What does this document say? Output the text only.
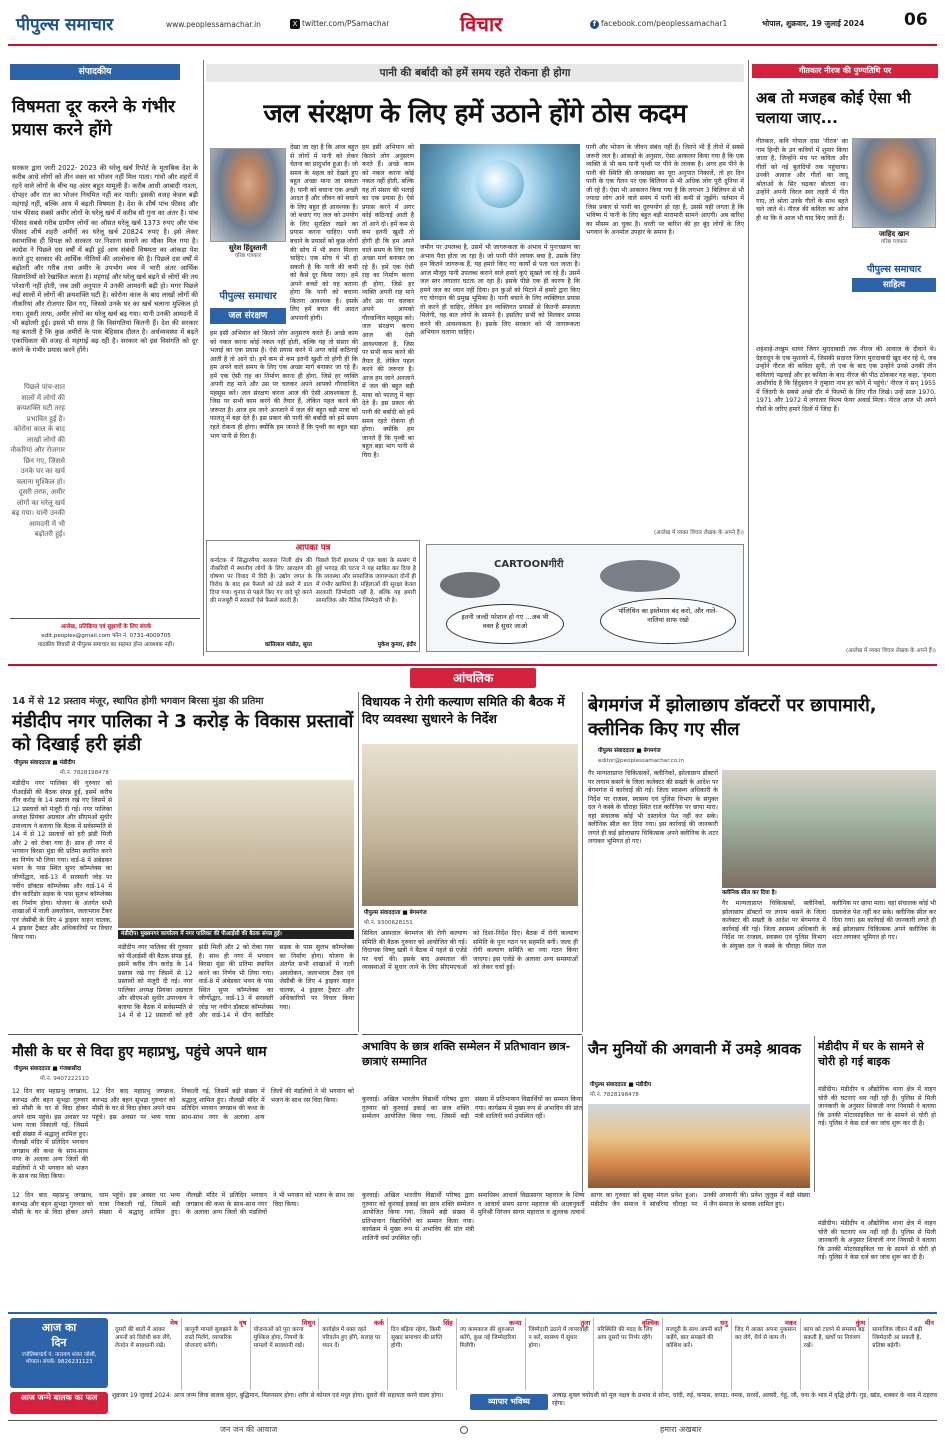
पीपुल्स समाचार	www.peoplessamachar.in	X twitter.com/PSamachar	विचार	f facebook.com/peoplessamachar1	भोपाल, शुक्रवार, 19 जुलाई 2024 06
संपादकीय
विषमता दूर करने के गंभीर प्रयास करने होंगे
सरकार द्वारा जारी 2022- 2023 की घरेलू खर्च रिपोर्ट के मुताबिक देश के करीब आधे लोगों को तीन वक्त का भोजन नहीं मिल पाता। गांवों और शहरों में रहने वाले लोगों के बीच यह अंतर बहुत मामूली है। करीब आधी आबादी नाश्ता, दोपहर और रात का भोजन नियमित नहीं कर पाती। इसकी वजह केवल बढ़ी महंगाई नहीं, बल्कि आय में बढ़ती विषमता है। देश के शीर्ष पांच फीसद और पांच फीसद सबसे अमीर लोगों के घरेलू खर्च में करीब सौ गुना का अंतर है। पांच फीसद सबसे गरीब ग्रामीण लोगों का औसत घरेलू खर्च 1373 रुपए और पांच फीसद शीर्ष शहरी अमीरों का घरेलू खर्च 20824 रुपए है। इसे लेकर स्वाभाविक ही विपक्ष को सरकार पर निशाना साधने का मौका मिल गया है। कांग्रेस ने पिछले दस वर्षों में बढ़ी हुई आय संबंधी विषमता का आंकड़ा पेश करते हुए सरकार की आर्थिक नीतियों की आलोचना की है। पिछले दस वर्षों में बढ़ोतरी और गरीब तथा अमीर के उपभोग व्यय में भारी अंतर आर्थिक विसंगतियों को रेखांकित करता है। महंगाई और घरेलू खर्च बढ़ने से लोगों की तय परेशानी नहीं होती, जब उसी अनुपात में उनकी आमदनी बढ़ी हो। मगर पिछले कई सालों में लोगों की क्रयशक्ति घटी है। कोरोना काल के बाद लाखों लोगों की नौकरियां और रोजगार छिन गए, जिससे उनके घर का खर्च चलाना मुश्किल हो गया। दूसरी तरफ, अमीर लोगों का घरेलू खर्च बढ़ गया। यानी उनकी आमदनी में भी बढ़ोतरी हुई। इससे भी साफ है कि विसंगतियां कितनी हैं। देश की सरकार यह बताती है कि कुछ अमीरों के पास बेहिसाब दौलत है। अर्थव्यवस्था में बढ़ते एकाधिकार की वजह से महंगाई बढ़ रही है। सरकार को इस विसंगति को दूर करने के गंभीर प्रयास करने होंगे।
पिछले पांच-सात सालों में लोगों की क्रयशक्ति घटी तरह प्रभावित हुई है। कोरोना काल के बाद लाखों लोगों की नौकरियां और रोजगार छिन गए, जिससे उनके घर का खर्च चलाना मुश्किल हो। दूसरी तरफ, अमीर लोगों का घरेलू खर्च बढ़ गया। यानी उनकी आमदनी में भी बढ़ोतरी हुई।
आलेख, प्रतिक्रिया एवं सुझावों के लिए संपर्क
edit.peoples@gmail.com फोन नं. 0731-4009705
पाठकीय विचारों से पीपुल्स समाचार का सहमत होना आवश्यक नहीं।
पानी की बर्बादी को हमें समय रहते रोकना ही होगा
जल संरक्षण के लिए हमें उठाने होंगे ठोस कदम
सुरेश हिंदुस्तानी
वरिष्ठ पत्रकार
पीपुल्स समाचार
जल संरक्षण
देखा जा रहा है कि आज बहुत से लोगों में पानी को लेकर चेतना का प्रादुर्भाव हुआ है। जो समय के महत्व को देखते हुए बहुत अच्छा माना जा सकता है। पानी को बचाना एक अच्छी आदत है और जीवन को बचाने के लिए बहुत ही आवश्यक है। जो बचाए गए जल को उपयोग के लिए सुरक्षित रखने का प्रयास करना चाहिए। पानी बचाने के प्रयासों को कुछ लोगों की सोच में भी स्थान मिलना चाहिए। एक सोच ये भी हो सकती है कि पानी की कमी को कैसे दूर किया जाए। हमें अपने बच्चों को यह बताना होगा कि पानी को बचाना कितना आवश्यक है। इसके लिए हमें बचत की आदत अपनानी होगी।
हम इसी अभियान को कितने लोग अनुसरण करते हैं। अच्छे काम को नकल करना कोई नकल नहीं होती, बल्कि यह तो संसार की भलाई का एक प्रयास है। ऐसे प्रयास करने में अगर कोई कठिनाई आती है तो आने दो। हमें कम से कम इतनी खुशी तो होगी ही कि हम अपने वाले समय के लिए एक अच्छा मार्ग बनाकर जा रहे हैं। हमें एक ऐसी राह का निर्माण करना ही होगा, जिसे हर व्यक्ति अपनी राह माने और उस पर चलकर अपने आपको गौरवान्वित महसूस करे। जल संरक्षण करना आज की ऐसी आवश्यकता है, जिस पर सभी काम करने की तैयार हैं, लेकिन पहल करने की जरूरत है। आज हम जाने अनजाने में जल की बहुत बड़ी मात्रा को फालतू में बहा देते हैं। इस प्रकार की पानी की बर्बादी को हमें समय रहते रोकना ही होगा। क्योंकि हम जानते हैं कि पृथ्वी का बहुत बड़ा भाग पानी से घिरा है।
हम इसी अभियान को कितने लोग अनुसरण करते हैं। अच्छे काम को नकल करना कोई नकल नहीं होती, बल्कि यह तो संसार की भलाई का एक प्रयास है। ऐसे प्रयास करने में अगर कोई कठिनाई आती है तो आने दो। हमें कम से कम इतनी खुशी तो होगी ही कि हम अपने वाले समय के लिए एक अच्छा मार्ग बनाकर जा रहे हैं। हमें एक ऐसी राह का निर्माण करना ही होगा, जिसे हर व्यक्ति अपनी राह माने और उस पर चलकर अपने आपको गौरवान्वित महसूस करे। जल संरक्षण करना आज की ऐसी आवश्यकता है, जिस पर सभी काम करने की तैयार हैं, लेकिन पहल करने की जरूरत है। आज हम जाने अनजाने में जल की बहुत बड़ी मात्रा को फालतू में बहा देते हैं। इस प्रकार की पानी की बर्बादी को हमें समय रहते रोकना ही होगा। क्योंकि हम जानते हैं कि पृथ्वी का बहुत बड़ा भाग पानी से घिरा है।
जमीन पर उपलब्ध है, उसमें भी जागरूकता के अभाव में पुनःचक्रण का अभाव पैदा होता जा रहा है। जो पानी पीने लायक बचा है, उसके लिए हम कितने जागरूक हैं, यह हमारे किए गए कार्यों से पता चल जाता है। आज मौजूद पानी उपलब्ध कराने वाले हमारे कुएं सूखते जा रहे हैं। उसमें जल स्तर लगातार घटता जा रहा है। इसके पीछे एक ही कारण है कि हमने जल का ध्यान नहीं दिया। इन कुओं को मिटाने में हमारे द्वारा किए गए योगदान की प्रमुख भूमिका है। पानी बचाने के लिए व्यक्तिगत प्रयास तो करने ही चाहिए, लेकिन इन व्यक्तिगत प्रयासों से कितनी सफलता मिलेगी, यह बात लोगों के सामने है। इसलिए सभी को मिलकर प्रयास करने की आवश्यकता है। इसके लिए सरकार को भी जागरूकता अभियान चलाना चाहिए।
पानी और भोजन के जीवन संबंध नहीं हैं। जितने भी हैं तीनों में सबसे जरूरी जल है। आंकड़ों के अनुसार, ऐसा आकलन किया गया है कि एक व्यक्ति से भी कम पानी पृथ्वी पर पीने के लायक है। अगर हम पीने के पानी की स्थिति की जनसंख्या का पूरा अनुपात निकालें, तो हर दिन पानी के एक गैलन पर एक बिलियन से भी अधिक लोग पूरी दुनिया में जी रहे हैं। ऐसा भी आकलन किया गया है कि लगभग 3 बिलियन से भी ज्यादा लोग आने वाले समय में पानी की कमी से जूझेंगे। वर्तमान में जिस प्रकार से पानी का दुरुपयोग हो रहा है, उससे यही लगता है कि भविष्य में पानी के लिए बहुत बड़ी मारामारी सामने आएगी। अब बारिश का मौसम आ चुका है। धरती पर बारिश की हर बूंद लोगों के लिए भगवान के अनमोल उपहार के समान है।
(आलेख में व्यक्त विचार लेखक के अपने हैं।)
आपका पत्र
कर्नाटक में सिद्धारमैया सरकार निजी क्षेत्र की नौकरियों में स्थानीय लोगों के लिए आरक्षण की घोषणा पर विवाद में घिरी है। उद्योग जगत के विरोध के बाद इस फैसले को ठंडे बस्ते में डाल दिया गया। चुनाव से पहले किए गए वादे पूरे करने की मजबूरी में सरकारें ऐसे फैसले करती हैं।
कांतिलाल मांडोत, सूरत
पिछले दिनों हाथरस में एक बाबा के सत्संग में हुई भगदड़ की घटना ने यह साबित कर दिया है कि व्यवस्था और सामाजिक जागरूकता दोनों ही में गंभीर खामियां हैं। महिलाओं की सुरक्षा केवल सरकारी जिम्मेदारी नहीं है, बल्कि यह हमारी सामाजिक और नैतिक जिम्मेदारी भी है।
मुकेश कुमार, इंदौर
CARTOONगीरी
इतनी जल्दी परेशान हो गए ...अब भी वक्त है सुधर जाओ
पॉलिथिन का इस्तेमाल बंद करो, और नाले-नालियां साफ रखो
गीतकार नीरज की पुण्यतिथि पर
अब तो मजहब कोई ऐसा भी चलाया जाए...
गीतकार, कवि गोपाल दास 'नीरज' का नाम हिन्दी के उन कवियों में शुमार किया जाता है, जिन्होंने मंच पर कविता और गीतों को नई बुलंदियों तक पहुंचाया। उनकी आवाज और गीतों का जादू श्रोताओं के सिर चढ़कर बोलता था। उन्होंने अपनी विरल स्वर लहरी में गीत गाए, तो श्रोता उनके गीतों के साथ बहते चले जाते थे। नीरज की कविता का ओज ही था कि वे आज भी याद किए जाते हैं।
जाहिद खान
वरिष्ठ पत्रकार
पीपुल्स समाचार
साहित्य
शहंशाहे-तरन्नुम शायर जिगर मुरादाबादी तक नीरज की आवाज के दीवाने थे। देहरादून के एक मुशायरे में, जिसकी सदारत जिगर मुरादाबादी खुद कर रहे थे, जब उन्होंने नीरज की कविता सुनी, तो एक के बाद एक उन्होंने उनसे उनकी तीन कविताएं पढ़वाईं और हर कविता के बाद नीरज की पीठ ठोककर यह कहा, 'हमारा आशीर्वाद है कि हिंदुस्तान ने तुम्हारा नाम हर कोने में पहुंचे।' नीरज ने सन् 1955 में जिंदगी के सबसे अच्छे दौर में फिल्मों के लिए गीत लिखे। उन्हें साल 1970, 1971 और 1972 में लगातार फिल्म फेयर अवार्ड मिला। नीरज आज भी अपने गीतों के जरिए हमारे दिलों में जिंदा हैं।
(आलेख में व्यक्त विचार लेखक के अपने हैं।)
आंचलिक
14 में से 12 प्रस्ताव मंजूर, स्थापित होगी भगवान बिरसा मुंडा की प्रतिमा
मंडीदीप नगर पालिका ने 3 करोड़ के विकास प्रस्तावों को दिखाई हरी झंडी
पीपुल्स संवाददाता ■ मंडीदीप
मो.नं. 7828198478
मंडीदीप नगर पालिका की गुरुवार को पीआईसी की बैठक संपन्न हुई, इसमें करीब तीन करोड़ के 14 प्रस्ताव रखे गए जिसमें से 12 प्रस्तावों को मंजूरी दी गई। नगर पालिका अध्यक्ष प्रियंका अग्रवाल और सीएमओ सुधीर उपाध्याय ने बताया कि बैठक में सर्वसम्मति से 14 में से 12 प्रस्तावों को हरी झंडी मिली और 2 को रोका गया है। साथ ही नगर में भगवान बिरसा मुंडा की प्रतिमा स्थापित करने का निर्णय भी लिया गया। वार्ड-8 में अंबेडकर भवन के पास स्थित सुपर कॉम्प्लेक्स का जीर्णोद्धार, वार्ड-13 में सरस्वती जोड़ पर नवीन डॉक्टस कॉम्प्लेक्स और वार्ड-14 में ग्रीन कार्रिडोर सड़क के पास सुलभ कॉम्प्लेक्स का निर्माण होगा। योजना के अंतर्गत सभी शाखाओं में नाली अवलोकन, जलाभराव टैंकर एवं जेसीबी के लिए 4 ड्राइवर वाहन चालक, 4 ड्राइवर ट्रैक्टर और अधिकारियों पर विचार किया गया।	मंडीदीप। मुख्यनगर कार्यालय में नगर पालिका की पीआईसी की बैठक संपन्न हुई।
मंडीदीप नगर पालिका की गुरुवार को पीआईसी की बैठक संपन्न हुई, इसमें करीब तीन करोड़ के 14 प्रस्ताव रखे गए जिसमें से 12 प्रस्तावों को मंजूरी दी गई। नगर पालिका अध्यक्ष प्रियंका अग्रवाल और सीएमओ सुधीर उपाध्याय ने बताया कि बैठक में सर्वसम्मति से 14 में से 12 प्रस्तावों को हरी झंडी मिली और 2 को रोका गया है। साथ ही नगर में भगवान बिरसा मुंडा की प्रतिमा स्थापित करने का निर्णय भी लिया गया। वार्ड-8 में अंबेडकर भवन के पास स्थित सुपर कॉम्प्लेक्स का जीर्णोद्धार, वार्ड-13 में सरस्वती जोड़ पर नवीन डॉक्टस कॉम्प्लेक्स और वार्ड-14 में ग्रीन कार्रिडोर सड़क के पास सुलभ कॉम्प्लेक्स का निर्माण होगा। योजना के अंतर्गत सभी शाखाओं में नाली अवलोकन, जलाभराव टैंकर एवं जेसीबी के लिए 4 ड्राइवर वाहन चालक, 4 ड्राइवर ट्रैक्टर और अधिकारियों पर विचार किया गया।
विधायक ने रोगी कल्याण समिति की बैठक में दिए व्यवस्था सुधारने के निर्देश
पीपुल्स संवाददाता ■ बेगमगंज
मो.नं. 9300628151
सिविल अस्पताल बेगमगंज की रोगी कल्याण समिति की बैठक गुरुवार को आयोजित की गई। विधायक विष्णु खत्री ने बैठक में पहले से एजेंडे पर चर्चा की। इसके बाद अस्पताल की व्यवस्थाओं में सुधार लाने के लिए सीएमएचओ को दिशा-निर्देश दिए। बैठक में रोगी कल्याण समिति के पुनः गठन पर सहमति बनी। जल्द ही रोगी कल्याण समिति का नया गठन किया जाएगा। इस एजेंडे के अलावा अन्य समस्याओं को लेकर चर्चा हुई।
बेगमगंज में झोलाछाप डॉक्टरों पर छापामारी, क्लीनिक किए गए सील
पीपुल्स संवाददाता ■ बेगमगंज
editor@peoplessamachar.co.in
गैर मान्यताप्राप्त चिकित्सकों, क्लीनिकों, झोलाछाप डॉक्टरों पर लगाम कसने के जिला कलेक्टर की सख्ती के आदेश पर बेगमगंज में कार्रवाई की गई। जिला स्वास्थ्य अधिकारी के निर्देश पर राजस्व, स्वास्थ्य एवं पुलिस विभाग के संयुक्त दल ने कस्बे के चौराहा स्थित राज क्लीनिक पर छापा मारा। वहां संचालक कोई भी दस्तावेज पेश नहीं कर सके। क्लीनिक सील कर दिया गया। इस कार्रवाई की जानकारी लगते ही कई झोलाछाप चिकित्सक अपने क्लीनिक के शटर लगाकर भूमिगत हो गए।
क्लीनिक सील कर दिया है।
गैर मान्यताप्राप्त चिकित्सकों, क्लीनिकों, झोलाछाप डॉक्टरों पर लगाम कसने के जिला कलेक्टर की सख्ती के आदेश पर बेगमगंज में कार्रवाई की गई। जिला स्वास्थ्य अधिकारी के निर्देश पर राजस्व, स्वास्थ्य एवं पुलिस विभाग के संयुक्त दल ने कस्बे के चौराहा स्थित राज क्लीनिक पर छापा मारा। वहां संचालक कोई भी दस्तावेज पेश नहीं कर सके। क्लीनिक सील कर दिया गया। इस कार्रवाई की जानकारी लगते ही कई झोलाछाप चिकित्सक अपने क्लीनिक के शटर लगाकर भूमिगत हो गए।
मौसी के घर से विदा हुए महाप्रभु, पहुंचे अपने धाम
पीपुल्स संवाददाता ■ गंजबासौदा
मो.नं. 9407222110
12 दिन बाद महाप्रभु जगन्नाथ, बलभद्र और बहन सुभद्रा गुरुवार को मौसी के घर से विदा होकर अपने धाम पहुंचे। इस अवसर पर भव्य यात्रा निकाली गई, जिसमें बड़ी संख्या में श्रद्धालु शामिल हुए। नौलखी मंदिर में प्रतिदिन भगवान जगन्नाथ की कथा के साथ-साथ नगर के अलावा अन्य जिलों की मंडलियों ने भी भगवान को भजन के साथ रस विदा किया।
12 दिन बाद महाप्रभु जगन्नाथ, बलभद्र और बहन सुभद्रा गुरुवार को मौसी के घर से विदा होकर अपने धाम पहुंचे। इस अवसर पर भव्य यात्रा निकाली गई, जिसमें बड़ी संख्या में श्रद्धालु शामिल हुए। नौलखी मंदिर में प्रतिदिन भगवान जगन्नाथ की कथा के साथ-साथ नगर के अलावा अन्य जिलों की मंडलियों ने भी भगवान को भजन के साथ रस विदा किया।
अभाविप के छात्र शक्ति सम्मेलन में प्रतिभावान छात्र-छात्राएं सम्मानित
कुरवाई। अखिल भारतीय विद्यार्थी परिषद द्वारा गुरुवार को कुरवाई इकाई का छात्र शक्ति सम्मेलन आयोजित किया गया, जिसमें बड़ी संख्या में प्रतिभावान विद्यार्थियों का सम्मान किया गया। कार्यक्रम में मुख्य रूप से अभाविप की प्रांत मंत्री शालिनी वर्मा उपस्थित रहीं।
जैन मुनियों की अगवानी में उमड़े श्रावक
पीपुल्स संवाददाता ■ मंडीदीप
मो.नं. 7828198478
मंडीदीप में घर के सामने से चोरी हो गई बाइक
मंडीदीप। मंडीदीप व औद्योगिक थाना क्षेत्र में वाहन चोरी की घटनाएं थम नहीं रही हैं। पुलिस से मिली जानकारी के अनुसार शिवाजी नगर निवासी ने बताया कि उनकी मोटरसाइकिल घर के सामने से चोरी हो गई। पुलिस ने केस दर्ज कर जांच शुरू कर दी है।
समाधिस्थ आचार्य विद्यासागर महाराज के शिष्य व आचार्य समय सागर महाराज की आज्ञानुवर्ती मुनिश्री निरंजन सागर महाराज व क्षुल्लक तत्वार्थ सागर का गुरुवार को सुबह मंगल प्रवेश हुआ। मंडीदीप जैन समाज ने सांवरिया चौराहा पर उनकी अगवानी की। प्रवेश जुलूस में बड़ी संख्या में जैन समाज के श्रावक शामिल हुए।
कुरवाई। अखिल भारतीय विद्यार्थी परिषद द्वारा गुरुवार को कुरवाई इकाई का छात्र शक्ति सम्मेलन आयोजित किया गया, जिसमें बड़ी संख्या में प्रतिभावान विद्यार्थियों का सम्मान किया गया। कार्यक्रम में मुख्य रूप से अभाविप की प्रांत मंत्री शालिनी वर्मा उपस्थित रहीं।
12 दिन बाद महाप्रभु जगन्नाथ, बलभद्र और बहन सुभद्रा गुरुवार को मौसी के घर से विदा होकर अपने धाम पहुंचे। इस अवसर पर भव्य यात्रा निकाली गई, जिसमें बड़ी संख्या में श्रद्धालु शामिल हुए। नौलखी मंदिर में प्रतिदिन भगवान जगन्नाथ की कथा के साथ-साथ नगर के अलावा अन्य जिलों की मंडलियों ने भी भगवान को भजन के साथ रस विदा किया।
मंडीदीप। मंडीदीप व औद्योगिक थाना क्षेत्र में वाहन चोरी की घटनाएं थम नहीं रही हैं। पुलिस से मिली जानकारी के अनुसार शिवाजी नगर निवासी ने बताया कि उनकी मोटरसाइकिल घर के सामने से चोरी हो गई। पुलिस ने केस दर्ज कर जांच शुरू कर दी है।
आज का
दिन
ज्योतिषाचार्य पं. नारायण शंकर जोशी, भोपाल। संपर्क: 9826231123
मेष
दूसरों की बातों में आकर अपनों को विरोधी बना लेंगे, लेनदेन में सावधानी रखें।
वृष
कानूनी मामले सुलझाने के रास्ते मिलेंगे, व्यापारिक योजनाएं बनेंगी।
मिथुन
योजनाओं को पूरा करना मुश्किल होगा, नियमों के मामलों में सावधानी रखें।
कर्क
कार्यक्षेत्र में वक्त रहते परिवर्तन हुए होंगे, सलाह पर ध्यान दें।
सिंह
दिन बढ़िया रहेगा, किसी सुखद समाचार की प्राप्ति होगी।
कन्या
नए कामकाज की शुरुआत करेंगे, कुछ नई जिम्मेदारियां मिलेंगी।
तुला
जिम्मेदारी उठाने में लापरवाही न करें, स्वास्थ्य में सुधार होगा।
वृश्चिक
परिस्थिति की मदद के लिए आप दूसरों पर निर्भर रहेंगे।
धनु
मजदूरी के साथ अपनी बातें कहेंगे, बात समझने की कोशिश करें।
मकर
जिद में आकर अपना नुकसान कर लेंगे, धैर्य से काम लें।
कुंभ
काम को टालने से समस्या बढ़ सकती है, खर्चों पर नियंत्रण रखें।
मीन
सामाजिक जीवन में बड़ी जिम्मेदारी आ सकती है, प्रतिष्ठा बढ़ेगी।
आज जन्मे बालक का फल	शुक्रवार 19 जुलाई 2024: आज जन्म लिया बालक सुंदर, बुद्धिमान, मिलनसार होगा। शरीर से कोमल एवं मधुर होगा। दूसरों की सहायता करने वाला होगा।
व्यापार भविष्य
आषाढ़ शुक्ल त्रयोदशी को मूल नक्षत्र के प्रभाव से सोना, चांदी, रुई, कपास, कपड़ा, नमक, सरसों, अलसी, गेहूं, जौ, चना के भाव में वृद्धि होगी। गुड़, खांड, शक्कर के भाव में ठहराव रहेगा।
जन जन की आवाज	हमारा अखबार
